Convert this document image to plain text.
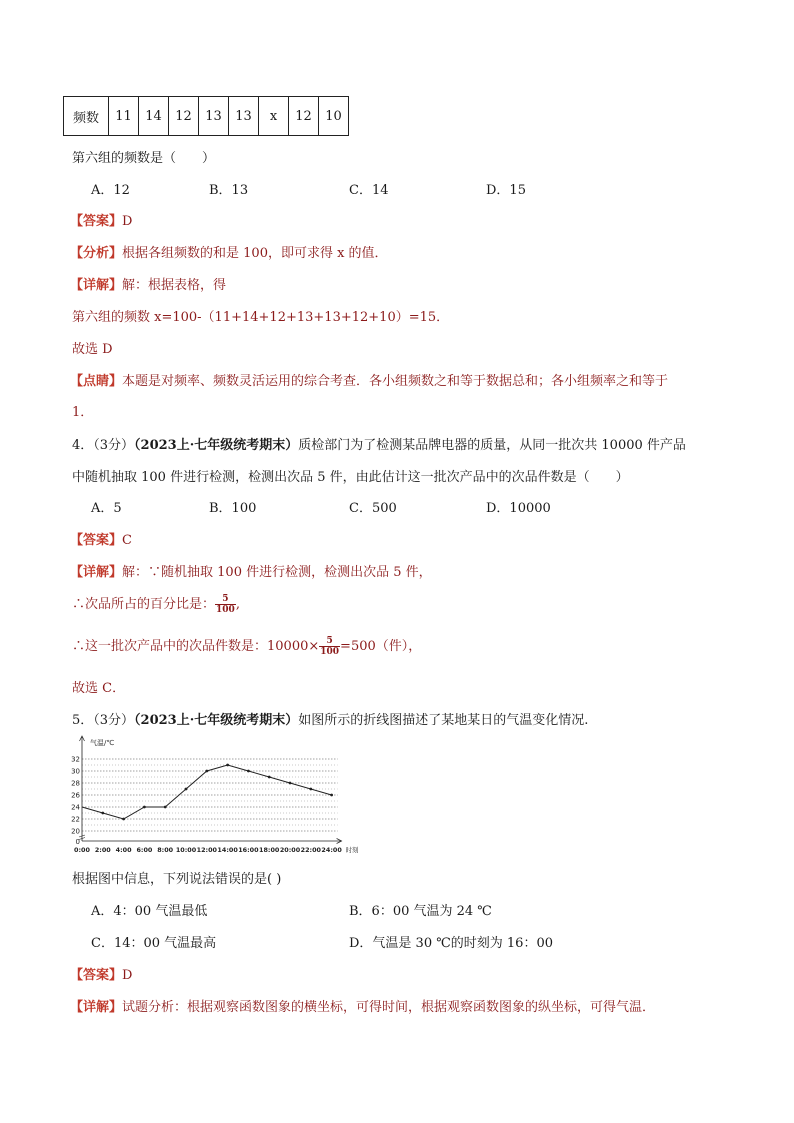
频数	11	14	12	13	13	x	12	10
第六组的频数是（　　）
A．12	B．13	C．14	D．15
【答案】D
【分析】根据各组频数的和是 100，即可求得 x 的值．
【详解】解：根据表格，得
第六组的频数 x=100-（11+14+12+13+13+12+10）=15．
故选 D
【点睛】本题是对频率、频数灵活运用的综合考查．各小组频数之和等于数据总和；各小组频率之和等于
1．
4．（3分）（2023上·七年级统考期末）质检部门为了检测某品牌电器的质量，从同一批次共 10000 件产品
中随机抽取 100 件进行检测，检测出次品 5 件，由此估计这一批次产品中的次品件数是（　　）
A．5	B．100	C．500	D．10000
【答案】C
【详解】解：∵随机抽取 100 件进行检测，检测出次品 5 件，
∴次品所占的百分比是： $\frac{5}{100}$ ,
∴这一批次产品中的次品件数是：$10000\times \frac{5}{100} =500$（件），
故选 C．
5．（3分）（2023上·七年级统考期末）如图所示的折线图描述了某地某日的气温变化情况.
气温/℃
20
22
24
26
28
30
32
0
0:00 2:00 4:00 6:00 8:00 10:00 12:00 14:00 16:00 18:00 20:00 22:00 24:00 时刻
根据图中信息，下列说法错误的是( )
A．4：00 气温最低	B．6：00 气温为 24 ℃
C．14：00 气温最高	D．气温是 30 ℃的时刻为 16：00
【答案】D
【详解】试题分析：根据观察函数图象的横坐标，可得时间，根据观察函数图象的纵坐标，可得气温．
